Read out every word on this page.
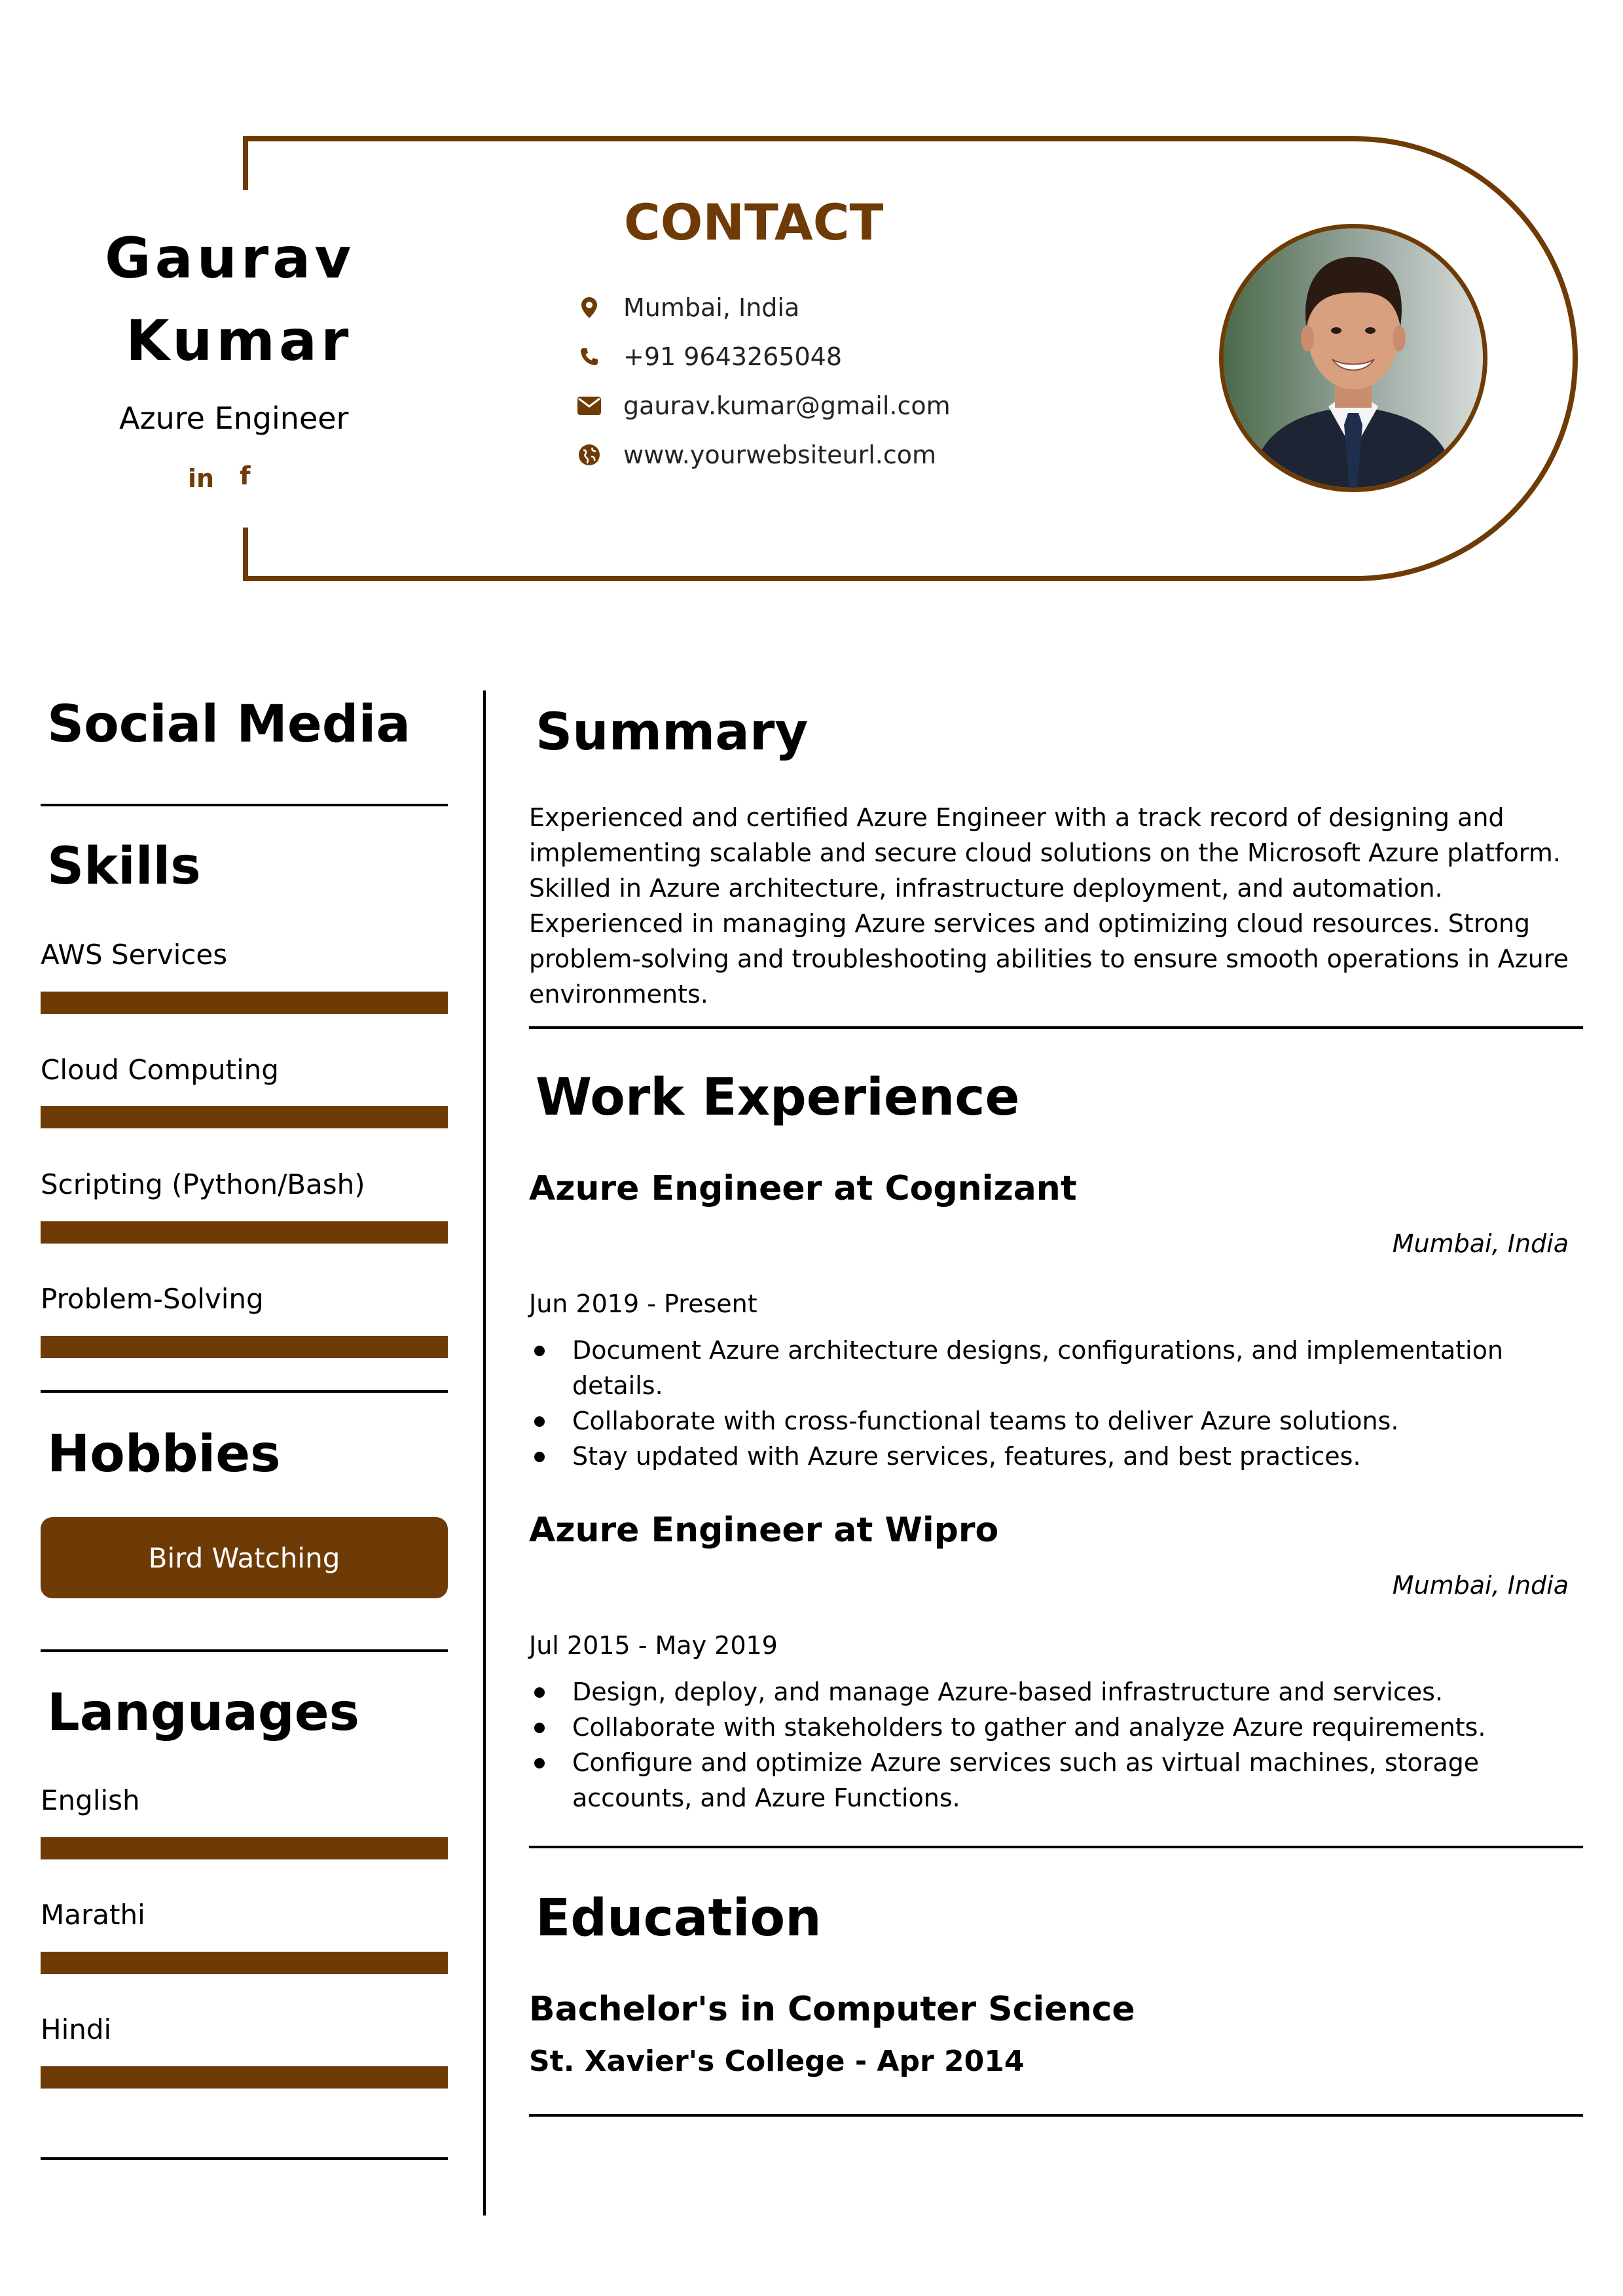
Gaurav
Kumar
Azure Engineer
in f
CONTACT
Mumbai, India
+91 9643265048
gaurav.kumar@gmail.com
www.yourwebsiteurl.com
Social Media
Skills
AWS Services
Cloud Computing
Scripting (Python/Bash)
Problem-Solving
Hobbies
Bird Watching
Languages
English
Marathi
Hindi
Summary
Experienced and certified Azure Engineer with a track record of designing and implementing scalable and secure cloud solutions on the Microsoft Azure platform. Skilled in Azure architecture, infrastructure deployment, and automation. Experienced in managing Azure services and optimizing cloud resources. Strong problem-solving and troubleshooting abilities to ensure smooth operations in Azure environments.
Work Experience
Azure Engineer at Cognizant
Mumbai, India
Jun 2019 - Present
Document Azure architecture designs, configurations, and implementation details.
Collaborate with cross-functional teams to deliver Azure solutions.
Stay updated with Azure services, features, and best practices.
Azure Engineer at Wipro
Mumbai, India
Jul 2015 - May 2019
Design, deploy, and manage Azure-based infrastructure and services.
Collaborate with stakeholders to gather and analyze Azure requirements.
Configure and optimize Azure services such as virtual machines, storage accounts, and Azure Functions.
Education
Bachelor's in Computer Science
St. Xavier's College - Apr 2014
